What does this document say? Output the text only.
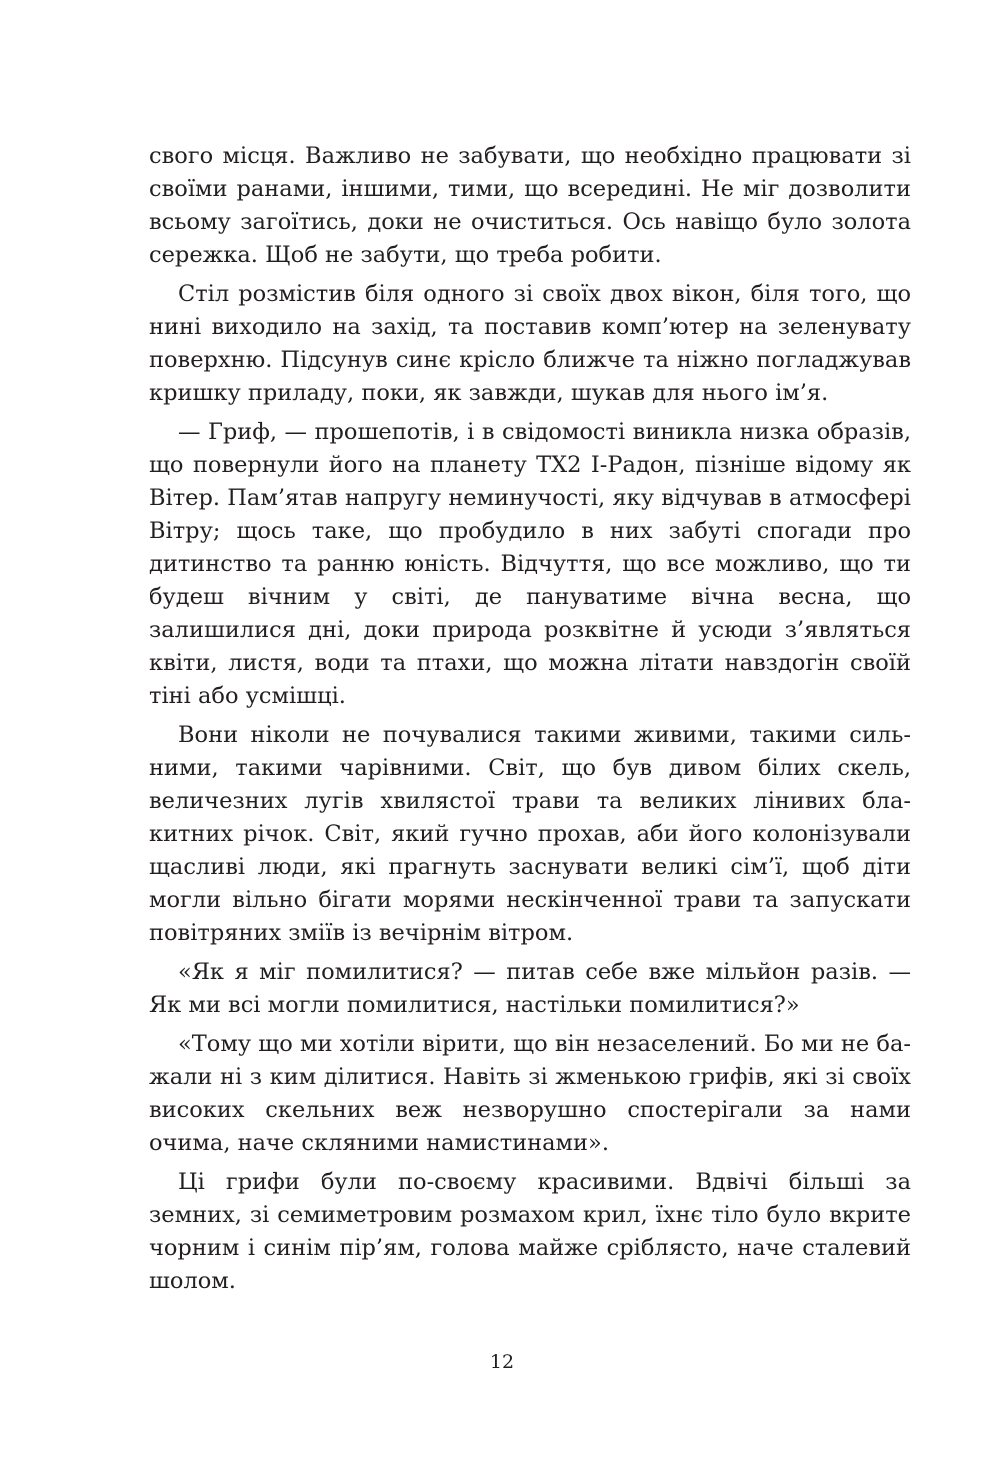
свого місця. Важливо не забувати, що необхідно працювати зі своїми ранами, іншими, тими, що всередині. Не міг дозволити всьому загоїтись, доки не очиститься. Ось навіщо було золота сережка. Щоб не забути, що треба робити.

Стіл розмістив біля одного зі своїх двох вікон, біля того, що нині виходило на захід, та поставив комп’ютер на зеленувату поверхню. Підсунув синє крісло ближче та ніжно погладжував кришку приладу, поки, як завжди, шукав для нього ім’я.

— Гриф, — прошепотів, і в свідомості виникла низка образів, що повернули його на планету TX2 I-Радон, пізніше відому як Вітер. Пам’ятав напругу неминучості, яку відчував в атмосфері Вітру; щось таке, що пробудило в них забуті спогади про дитинство та ранню юність. Відчуття, що все можливо, що ти будеш вічним у світі, де пануватиме вічна весна, що залишилися дні, доки природа розквітне й усюди з’являться квіти, листя, води та птахи, що можна літати навздогін своїй тіні або усмішці.

Вони ніколи не почувалися такими живими, такими сильними, такими чарівними. Світ, що був дивом білих скель, величезних лугів хвилястої трави та великих лінивих блакитних річок. Світ, який гучно прохав, аби його колонізували щасливі люди, які прагнуть заснувати великі сім’ї, щоб діти могли вільно бігати морями нескінченної трави та запускати повітряних зміїв із вечірнім вітром.

«Як я міг помилитися? — питав себе вже мільйон разів. — Як ми всі могли помилитися, настільки помилитися?»

«Тому що ми хотіли вірити, що він незаселений. Бо ми не бажали ні з ким ділитися. Навіть зі жменькою грифів, які зі своїх високих скельних веж незворушно спостерігали за нами очима, наче скляними намистинами».

Ці грифи були по-своєму красивими. Вдвічі більші за земних, зі семиметровим розмахом крил, їхнє тіло було вкрите чорним і синім пір’ям, голова майже сріблясто, наче сталевий шолом.

12
